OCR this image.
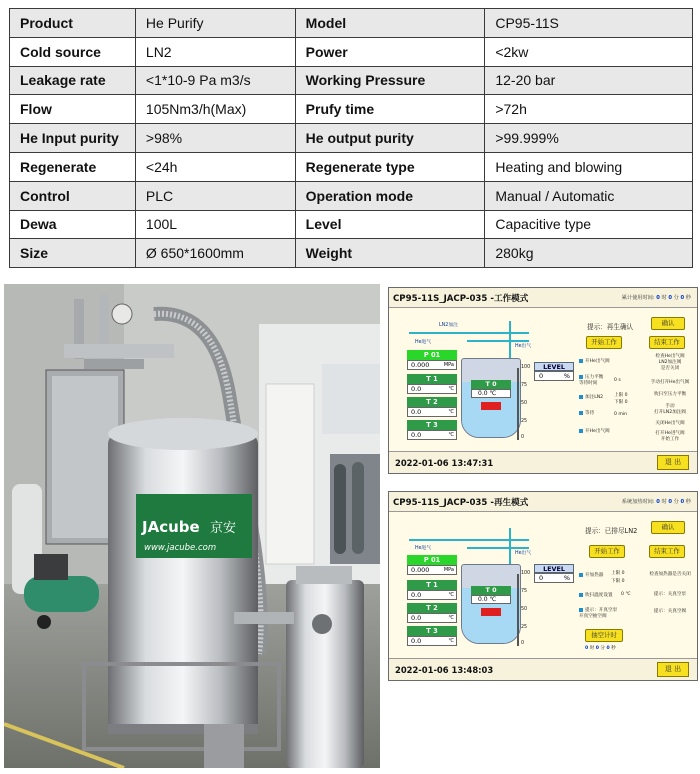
Product	He Purify	Model	CP95-11S
Cold source	LN2	Power	<2kw
Leakage rate	<1*10-9 Pa m3/s	Working Pressure	12-20 bar
Flow	105Nm3/h(Max)	Prufy time	>72h
He Input purity	>98%	He output purity	>99.999%
Regenerate	<24h	Regenerate type	Heating and blowing
Control	PLC	Operation mode	Manual / Automatic
Dewa	100L	Level	Capacitive type
Size	Ø 650*1600mm	Weight	280kg
JAcube 京安
www.jacube.com
CP95-11S_JACP-035 -工作模式	累计使用时间: 0 时 0 分 0 秒
LN2加注
He进气
He出气
提示：再生确认	确认
开始工作	结束工作
P 01
0.000	MPa
T 1
0.0	℃
T 2
0.0	℃
T 3
0.0	℃
T 0
0.0 ℃
LEVEL
0	%
100
75
50
25
0
开He出气阀
压力平衡
等待时间
加注LN2
等待
开He出气阀
0 s
上限 0
下限 0
0 min
检查He出气阀
LN2加注阀
是否关闭
手动打开He出气阀

吹扫至压力平衡
手动
打开LN2加注阀
关闭He出气阀
打开He进气阀
开始工作
2022-01-06 13:47:31	退 出
CP95-11S_JACP-035 -再生模式	系统加热时间: 0 时 0 分 0 秒
He进气
He出气
提示：已排尽LN2	确认
开始工作	结束工作
P 01
0.000	MPa
T 1
0.0	℃
T 2
0.0	℃
T 3
0.0	℃
T 0
0.0 ℃
LEVEL
0	%
100
75
50
25
0
开加热器
吹扫温度设置
提示：开真空泵
开真空抽空阀
上限 0
下限 0
0 ℃
检查加热器是否关闭
提示：关真空泵
提示：关真空阀
抽空计时
0 时 0 分 0 秒
2022-01-06 13:48:03	退 出
